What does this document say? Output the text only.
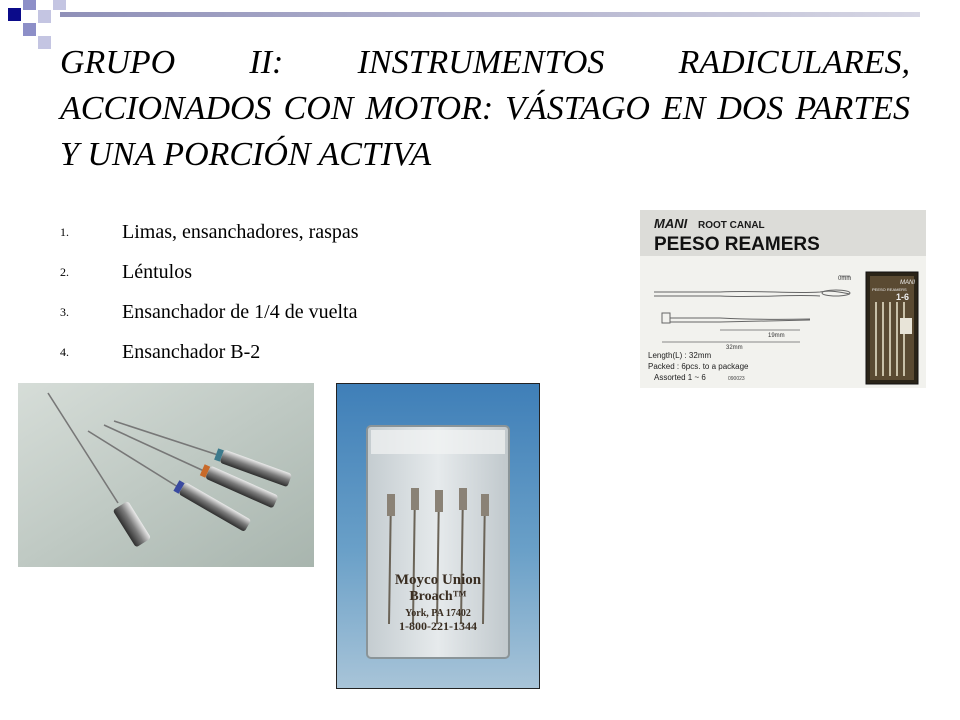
GRUPO II: INSTRUMENTOS RADICULARES, ACCIONADOS CON MOTOR: VÁSTAGO EN DOS PARTES Y UNA PORCIÓN ACTIVA
1.	Limas, ensanchadores, raspas
2.	Léntulos
3.	Ensanchador de 1/4 de vuelta
4.	Ensanchador B-2
MANI ROOT CANAL
PEESO REAMERS
0mm
19mm
32mm
Length(L) : 32mm
Packed : 6pcs. to a package
Assorted 1 ~ 6	090023
MANI
PEESO REAMERS
1-6
Moyco Union
Broach™
York, PA 17402
1-800-221-1344
